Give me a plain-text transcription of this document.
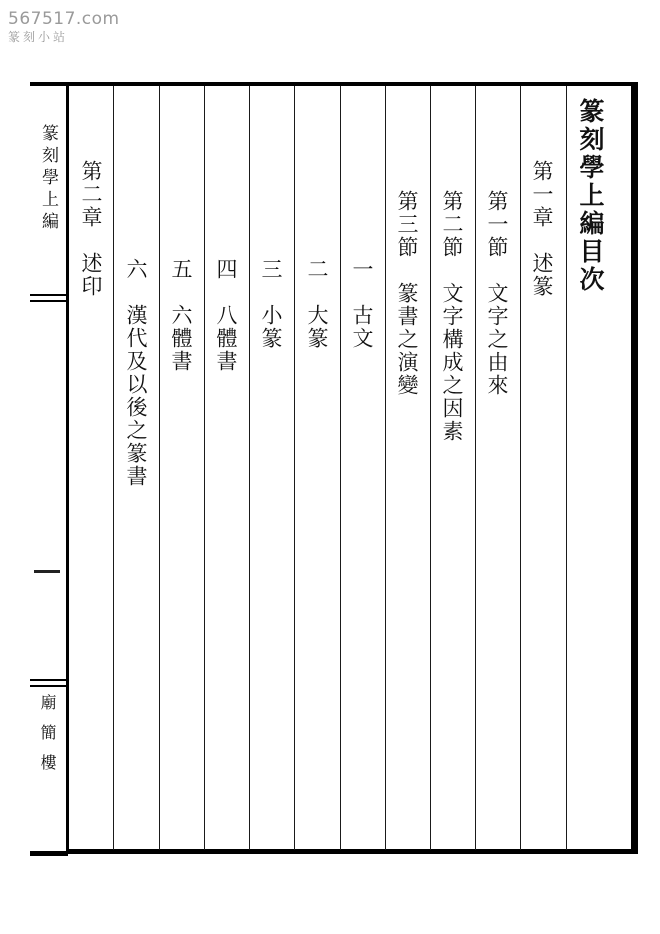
567517.com
篆刻小站
篆刻學上編
廟簡樓
篆刻學上編目次
第一章　述篆
第一節　文字之由來
第二節　文字構成之因素
第三節　篆書之演變
一　古文
二　大篆
三　小篆
四　八體書
五　六體書
六　漢代及以後之篆書
第二章　述印
